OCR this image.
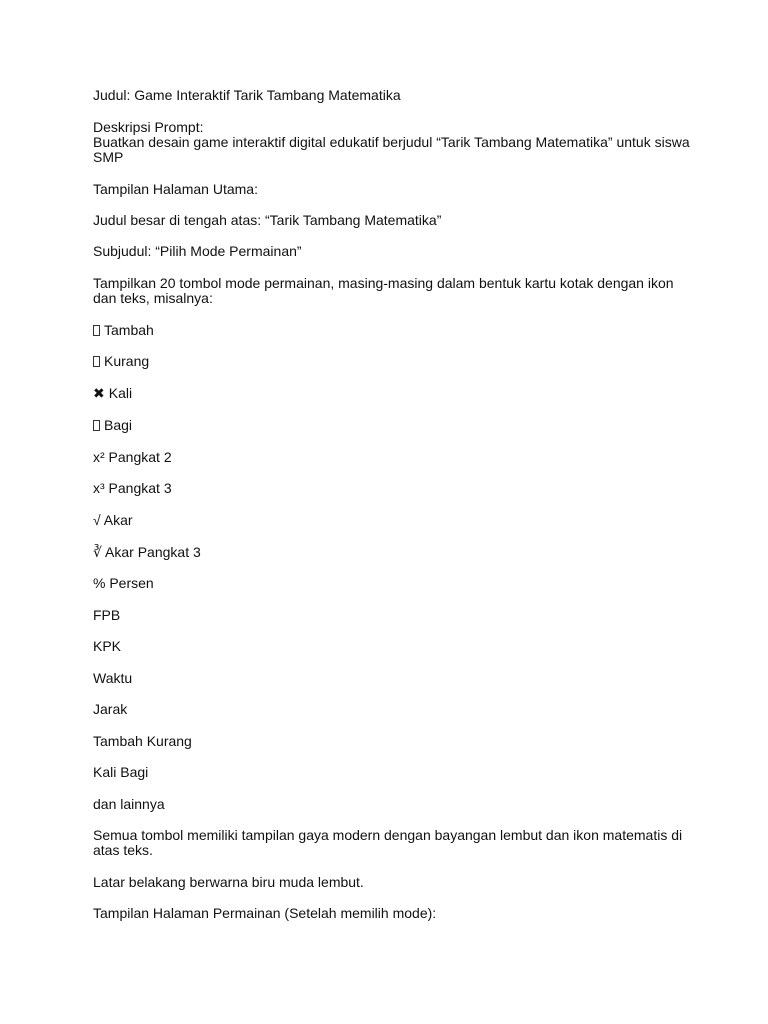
Judul: Game Interaktif Tarik Tambang Matematika
Deskripsi Prompt:
Buatkan desain game interaktif digital edukatif berjudul “Tarik Tambang Matematika” untuk siswa
SMP
Tampilan Halaman Utama:
Judul besar di tengah atas: “Tarik Tambang Matematika”
Subjudul: “Pilih Mode Permainan”
Tampilkan 20 tombol mode permainan, masing-masing dalam bentuk kartu kotak dengan ikon
dan teks, misalnya:
Tambah
Kurang
✖ Kali
Bagi
x² Pangkat 2
x³ Pangkat 3
√ Akar
∛ Akar Pangkat 3
% Persen
FPB
KPK
Waktu
Jarak
Tambah Kurang
Kali Bagi
dan lainnya
Semua tombol memiliki tampilan gaya modern dengan bayangan lembut dan ikon matematis di
atas teks.
Latar belakang berwarna biru muda lembut.
Tampilan Halaman Permainan (Setelah memilih mode):
